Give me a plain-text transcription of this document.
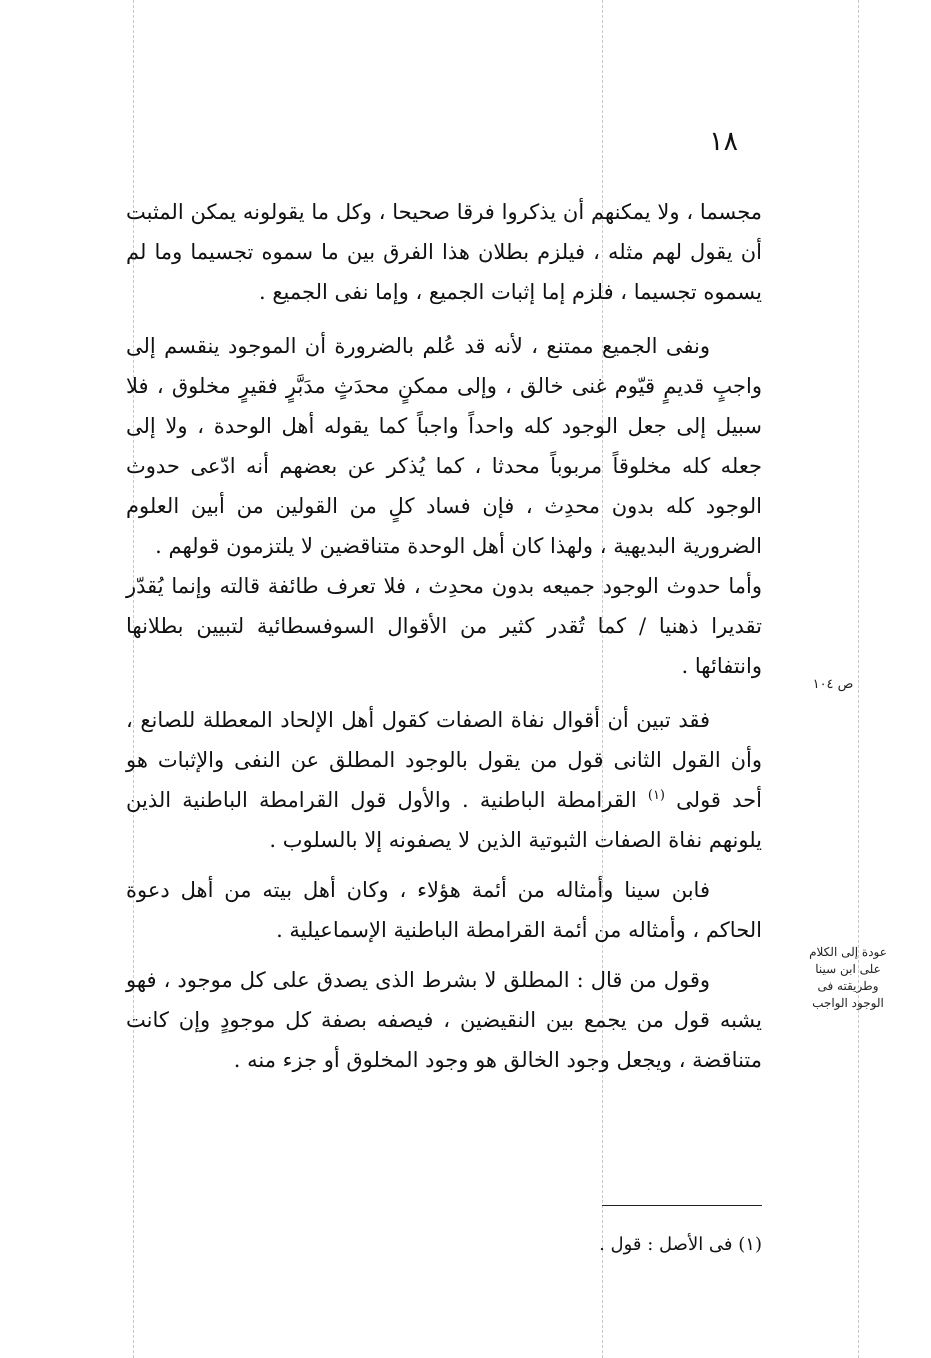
١٨

مجسما ، ولا يمكنهم أن يذكروا فرقا صحيحا ، وكل ما يقولونه يمكن المثبت أن يقول لهم مثله ، فيلزم بطلان هذا الفرق بين ما سموه تجسيما وما لم يسموه تجسيما ، فلزم إما إثبات الجميع ، وإما نفى الجميع .

ونفى الجميع ممتنع ، لأنه قد عُلم بالضرورة أن الموجود ينقسم إلى واجبٍ قديمٍ قيّوم غنى خالق ، وإلى ممكنٍ محدَثٍ مدَبَّرٍ فقيرٍ مخلوق ، فلا سبيل إلى جعل الوجود كله واحداً واجباً كما يقوله أهل الوحدة ، ولا إلى جعله كله مخلوقاً مربوباً محدثا ، كما يُذكر عن بعضهم أنه ادّعى حدوث الوجود كله بدون محدِث ، فإن فساد كلٍ من القولين من أبين العلوم الضرورية البديهية ، ولهذا كان أهل الوحدة متناقضين لا يلتزمون قولهم .

وأما حدوث الوجود جميعه بدون محدِث ، فلا تعرف طائفة قالته وإنما يُقدّر تقديرا ذهنيا / كما تُقدر كثير من الأقوال السوفسطائية لتبيين بطلانها وانتفائها .

فقد تبين أن أقوال نفاة الصفات كقول أهل الإلحاد المعطلة للصانع ، وأن القول الثانى قول من يقول بالوجود المطلق عن النفى والإثبات هو أحد قولى $^{(١)}$ القرامطة الباطنية . والأول قول القرامطة الباطنية الذين يلونهم نفاة الصفات الثبوتية الذين لا يصفونه إلا بالسلوب .

فابن سينا وأمثاله من أئمة هؤلاء ، وكان أهل بيته من أهل دعوة الحاكم ، وأمثاله من أئمة القرامطة الباطنية الإسماعيلية .

وقول من قال : المطلق لا بشرط الذى يصدق على كل موجود ، فهو يشبه قول من يجمع بين النقيضين ، فيصفه بصفة كل موجودٍ وإن كانت متناقضة ، ويجعل وجود الخالق هو وجود المخلوق أو جزء منه .

ص ١٠٤
عودة إلى الكلام على ابن سينا وطريقته فى الوجود الواجب
(١) فى الأصل : قول .
